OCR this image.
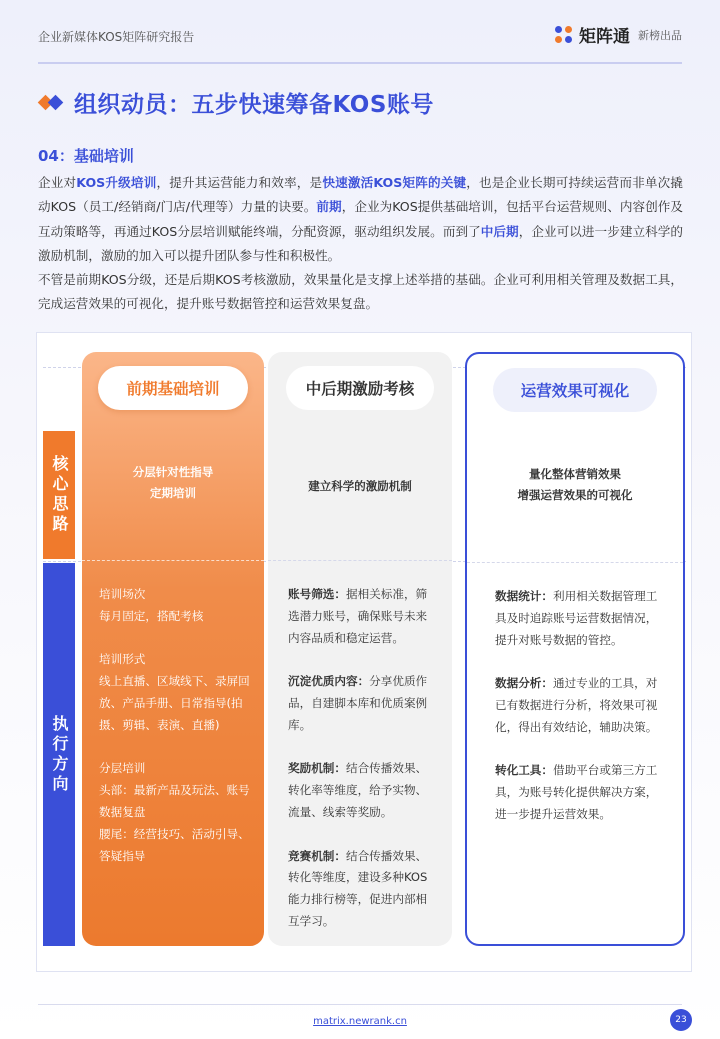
企业新媒体KOS矩阵研究报告	矩阵通 新榜出品
组织动员：五步快速筹备KOS账号
04：基础培训

企业对KOS升级培训，提升其运营能力和效率，是快速激活KOS矩阵的关键，也是企业长期可持续运营而非单次撬动KOS（员工/经销商/门店/代理等）力量的诀要。前期，企业为KOS提供基础培训，包括平台运营规则、内容创作及互动策略等，再通过KOS分层培训赋能终端，分配资源，驱动组织发展。而到了中后期，企业可以进一步建立科学的激励机制，激励的加入可以提升团队参与性和积极性。

不管是前期KOS分级，还是后期KOS考核激励，效果量化是支撑上述举措的基础。企业可利用相关管理及数据工具，完成运营效果的可视化，提升账号数据管控和运营效果复盘。

核心思路
执行方向
前期基础培训
分层针对性指导
定期培训
培训场次
每月固定，搭配考核
培训形式
线上直播、区域线下、录屏回放、产品手册、日常指导(拍摄、剪辑、表演、直播)
分层培训
头部：最新产品及玩法、账号数据复盘
腰尾：经营技巧、活动引导、答疑指导
中后期激励考核
建立科学的激励机制
账号筛选：据相关标准，筛选潜力账号，确保账号未来内容品质和稳定运营。
沉淀优质内容：分享优质作品，自建脚本库和优质案例库。
奖励机制：结合传播效果、转化率等维度，给予实物、流量、线索等奖励。
竞赛机制：结合传播效果、转化等维度，建设多种KOS能力排行榜等，促进内部相互学习。
运营效果可视化
量化整体营销效果
增强运营效果的可视化
数据统计：利用相关数据管理工具及时追踪账号运营数据情况，提升对账号数据的管控。
数据分析：通过专业的工具，对已有数据进行分析，将效果可视化，得出有效结论，辅助决策。
转化工具：借助平台或第三方工具，为账号转化提供解决方案，进一步提升运营效果。
matrix.newrank.cn	23
